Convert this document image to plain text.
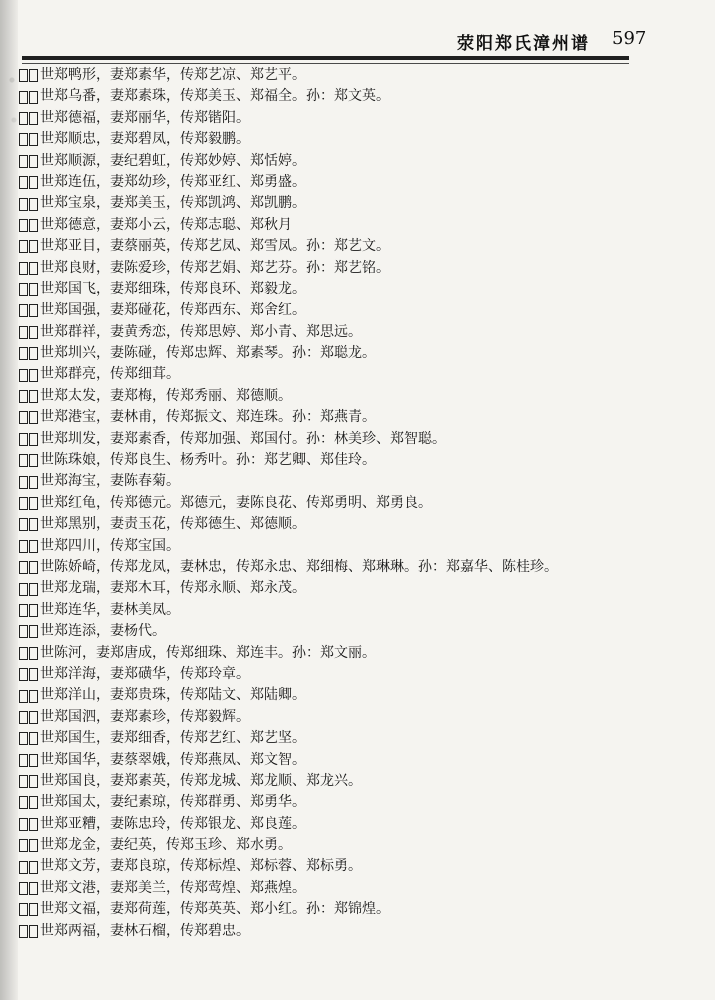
荥阳郑氏漳州谱 597
世郑鸭形，妻郑素华，传郑艺凉、郑艺平。
世郑乌番，妻郑素珠，传郑美玉、郑福全。孙：郑文英。
世郑德福，妻郑丽华，传郑锴阳。
世郑顺忠，妻郑碧凤，传郑毅鹏。
世郑顺源，妻纪碧虹，传郑妙婷、郑恬婷。
世郑连伍，妻郑幼珍，传郑亚红、郑勇盛。
世郑宝泉，妻郑美玉，传郑凯鸿、郑凯鹏。
世郑德意，妻郑小云，传郑志聪、郑秋月
世郑亚目，妻蔡丽英，传郑艺凤、郑雪凤。孙：郑艺文。
世郑良财，妻陈爱珍，传郑艺娟、郑艺芬。孙：郑艺铭。
世郑国飞，妻郑细珠，传郑良环、郑毅龙。
世郑国强，妻郑碰花，传郑西东、郑舍红。
世郑群祥，妻黄秀恋，传郑思婷、郑小青、郑思远。
世郑圳兴，妻陈碰，传郑忠辉、郑素琴。孙：郑聪龙。
世郑群亮，传郑细茸。
世郑太发，妻郑梅，传郑秀丽、郑德顺。
世郑港宝，妻林甫，传郑振文、郑连珠。孙：郑燕青。
世郑圳发，妻郑素香，传郑加强、郑国付。孙：林美珍、郑智聪。
世陈珠娘，传郑良生、杨秀叶。孙：郑艺卿、郑佳玲。
世郑海宝，妻陈春菊。
世郑红龟，传郑德元。郑德元，妻陈良花、传郑勇明、郑勇良。
世郑黑别，妻责玉花，传郑德生、郑德顺。
世郑四川，传郑宝国。
世陈娇崎，传郑龙凤，妻林忠，传郑永忠、郑细梅、郑琳琳。孙：郑嘉华、陈桂珍。
世郑龙瑞，妻郑木耳，传郑永顺、郑永茂。
世郑连华，妻林美凤。
世郑连添，妻杨代。
世陈河，妻郑唐成，传郑细珠、郑连丰。孙：郑文丽。
世郑洋海，妻郑磺华，传郑玲章。
世郑洋山，妻郑贵珠，传郑陆文、郑陆卿。
世郑国泗，妻郑素珍，传郑毅辉。
世郑国生，妻郑细香，传郑艺红、郑艺坚。
世郑国华，妻蔡翠娥，传郑燕凤、郑文智。
世郑国良，妻郑素英，传郑龙城、郑龙顺、郑龙兴。
世郑国太，妻纪素琼，传郑群勇、郑勇华。
世郑亚糟，妻陈忠玲，传郑银龙、郑良莲。
世郑龙金，妻纪英，传郑玉珍、郑水勇。
世郑文芳，妻郑良琼，传郑标煌、郑标蓉、郑标勇。
世郑文港，妻郑美兰，传郑莺煌、郑燕煌。
世郑文福，妻郑荷莲，传郑英英、郑小红。孙：郑锦煌。
世郑两福，妻林石榴，传郑碧忠。
